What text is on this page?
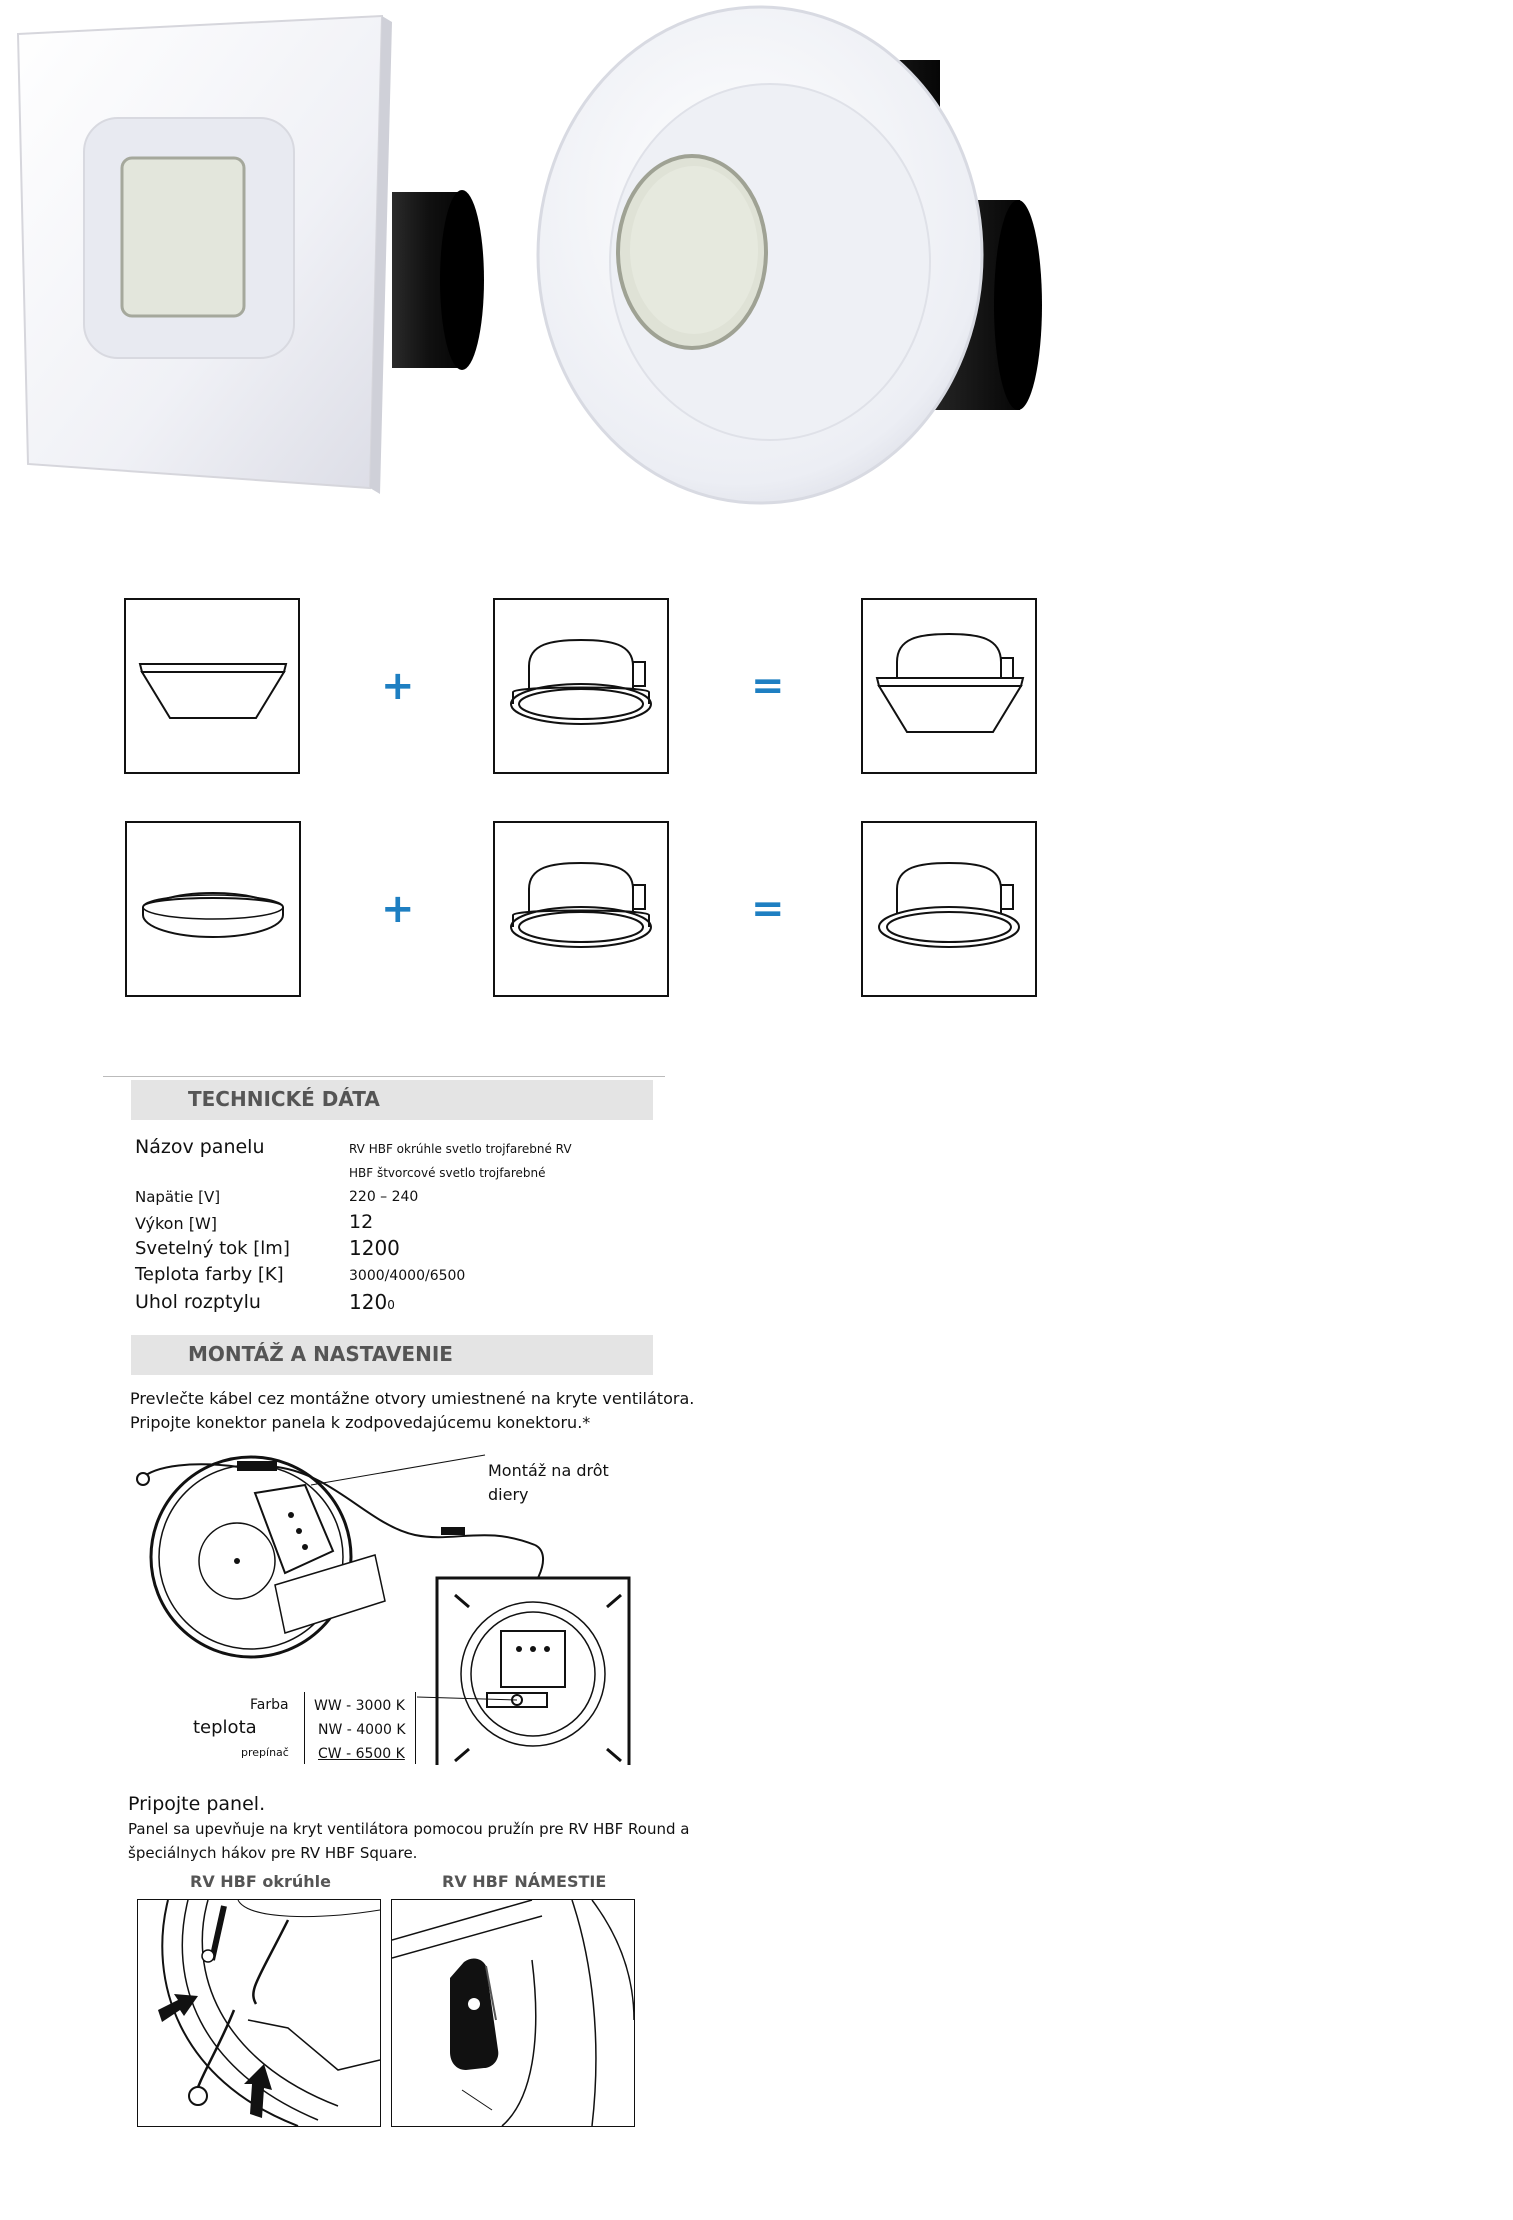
+	=
+	=
TECHNICKÉ DÁTA
Názov panelu	RV HBF okrúhle svetlo trojfarebné RV
HBF štvorcové svetlo trojfarebné
Napätie [V]	220 – 240
Výkon [W]	12
Svetelný tok [lm]	1200
Teplota farby [K]	3000/4000/6500
Uhol rozptylu	1200
MONTÁŽ A NASTAVENIE
Prevlečte kábel cez montážne otvory umiestnené na kryte ventilátora.
Pripojte konektor panela k zodpovedajúcemu konektoru.*
Montáž na drôt
diery
Farba
teplota
prepínač
WW - 3000 K
NW - 4000 K
CW - 6500 K
Pripojte panel.
Panel sa upevňuje na kryt ventilátora pomocou pružín pre RV HBF Round a
špeciálnych hákov pre RV HBF Square.
RV HBF okrúhle	RV HBF NÁMESTIE
